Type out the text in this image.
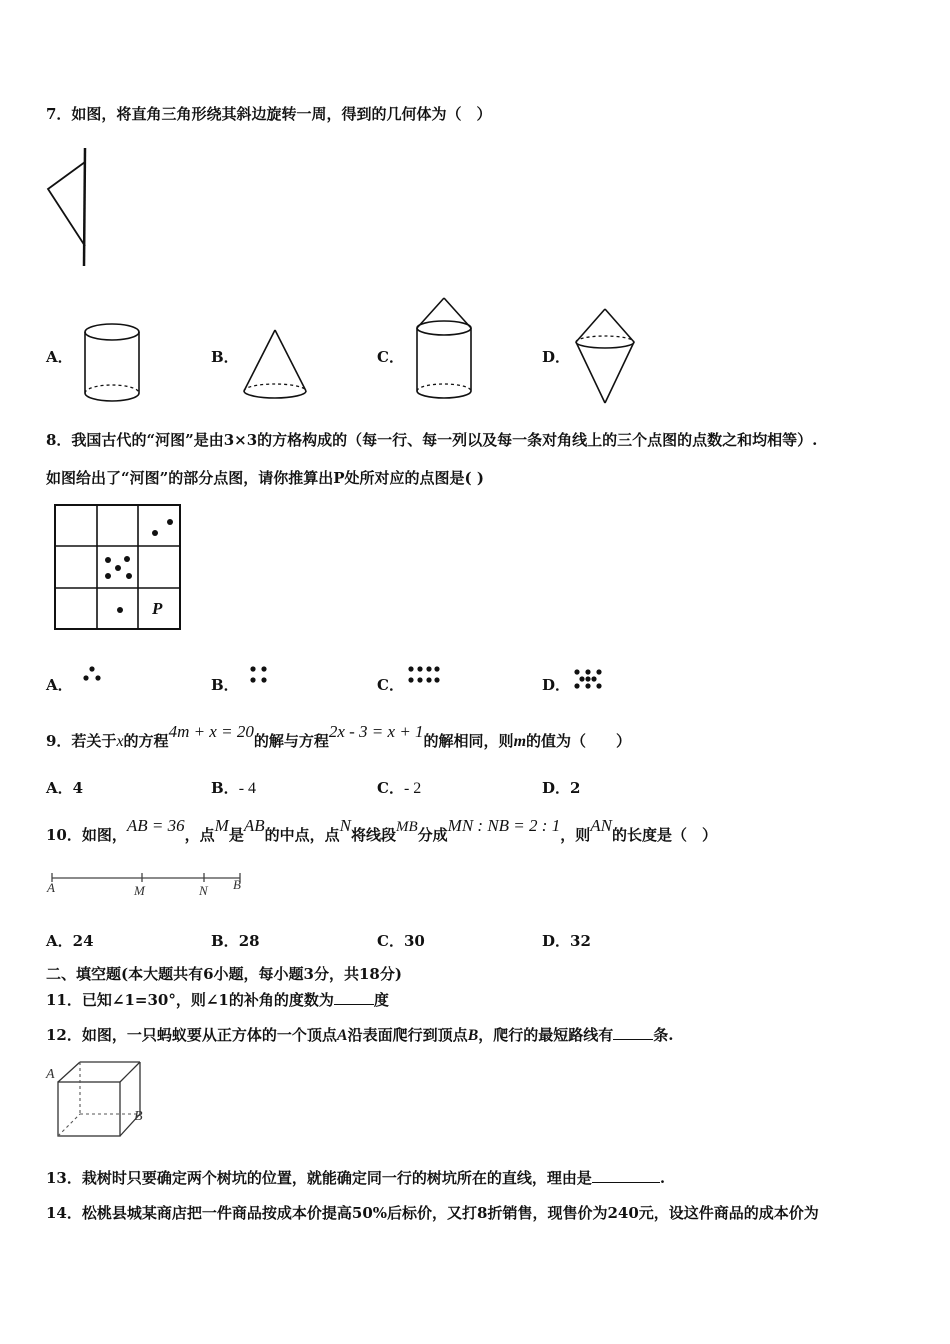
7．如图，将直角三角形绕其斜边旋转一周，得到的几何体为（　）
A．	B．	C．	D．
8．我国古代的“河图”是由3×3的方格构成的（每一行、每一列以及每一条对角线上的三个点图的点数之和均相等）.
如图给出了“河图”的部分点图，请你推算出P处所对应的点图是( )
P
A．	B．	C．	D．
9．若关于x的方程4m + x = 20的解与方程2x - 3 = x + 1的解相同，则m的值为（　　）
A．4	B．- 4	C．- 2	D．2
10．如图，AB = 36，点M是AB的中点，点N将线段MB分成MN : NB = 2 : 1，则AN的长度是（　）
A	M	N B
A．24	B．28	C．30	D．32
二、填空题(本大题共有6小题，每小题3分，共18分)
11．已知∠1=30°，则∠1的补角的度数为	度
12．如图，一只蚂蚁要从正方体的一个顶点A沿表面爬行到顶点B，爬行的最短路线有	条.
A
B
13．栽树时只要确定两个树坑的位置，就能确定同一行的树坑所在的直线，理由是	.
14．松桃县城某商店把一件商品按成本价提高50%后标价，又打8折销售，现售价为240元，设这件商品的成本价为
